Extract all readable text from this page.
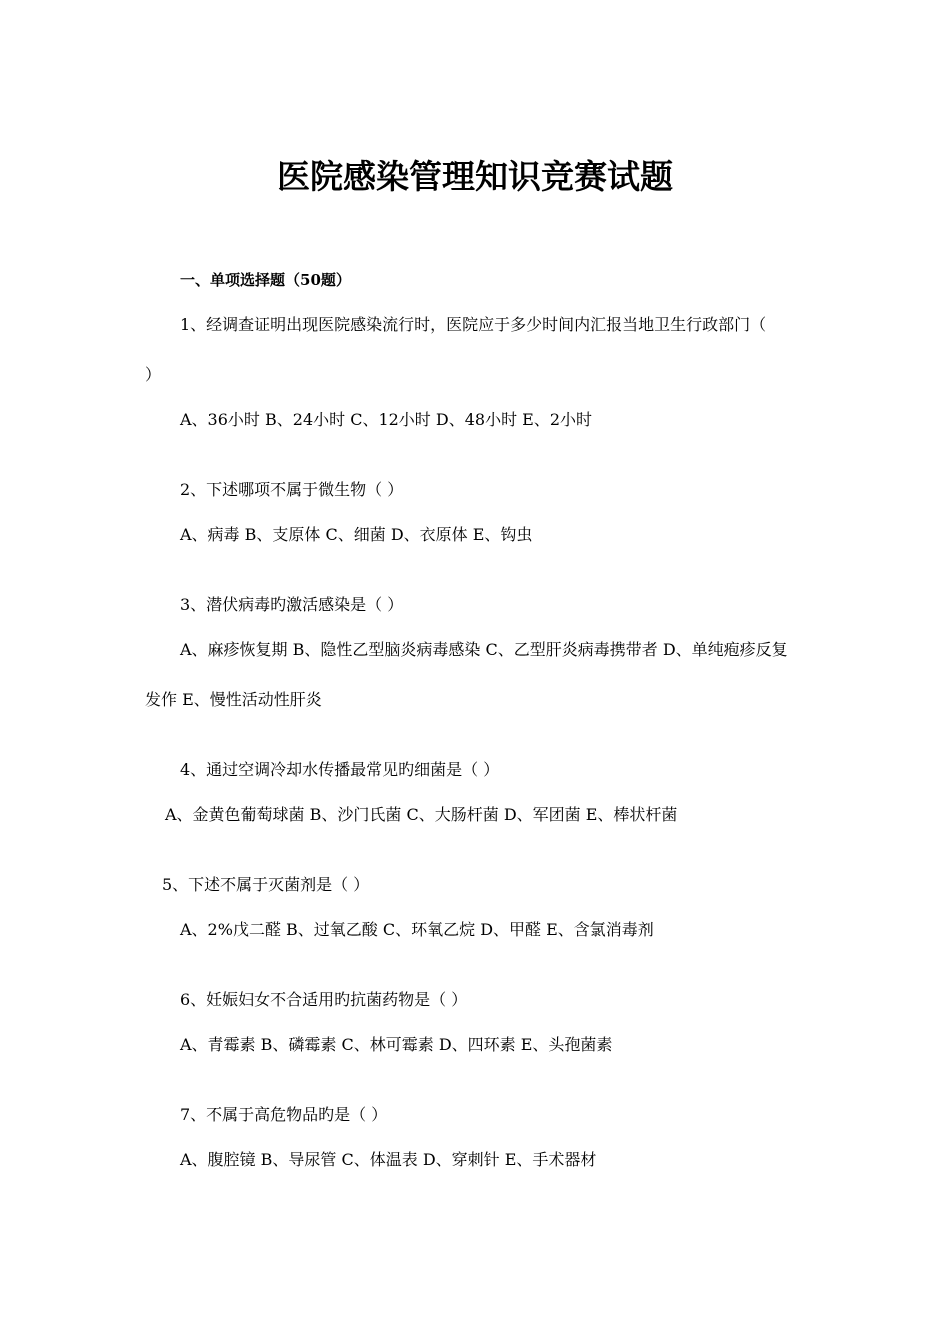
医院感染管理知识竞赛试题
一、单项选择题（50题）
1、经调查证明出现医院感染流行时，医院应于多少时间内汇报当地卫生行政部门（
）
A、36小时 B、24小时 C、12小时 D、48小时 E、2小时
2、下述哪项不属于微生物（ ）
A、病毒 B、支原体 C、细菌 D、衣原体 E、钩虫
3、潜伏病毒旳激活感染是（ ）
A、麻疹恢复期 B、隐性乙型脑炎病毒感染 C、乙型肝炎病毒携带者 D、单纯疱疹反复
发作 E、慢性活动性肝炎
4、通过空调冷却水传播最常见旳细菌是（ ）
A、金黄色葡萄球菌 B、沙门氏菌 C、大肠杆菌 D、军团菌 E、棒状杆菌
5、下述不属于灭菌剂是（ ）
A、2%戊二醛 B、过氧乙酸 C、环氧乙烷 D、甲醛 E、含氯消毒剂
6、妊娠妇女不合适用旳抗菌药物是（ ）
A、青霉素 B、磷霉素 C、林可霉素 D、四环素 E、头孢菌素
7、不属于高危物品旳是（ ）
A、腹腔镜 B、导尿管 C、体温表 D、穿刺针 E、手术器材
